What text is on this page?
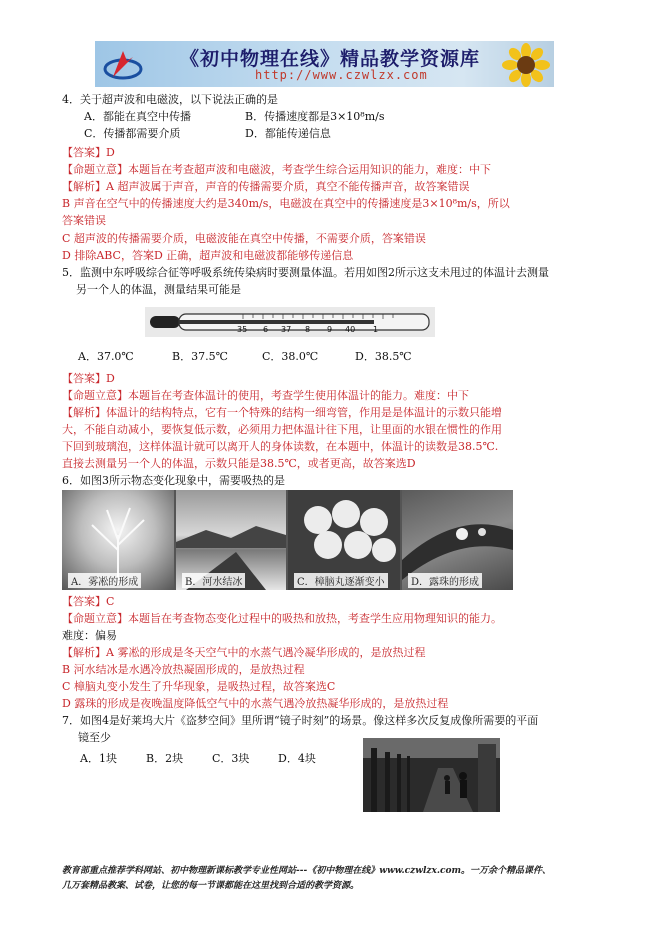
《初中物理在线》精品教学资源库
http://www.czwlzx.com
4．关于超声波和电磁波，以下说法正确的是
A．都能在真空中传播	B．传播速度都是3×10⁸m/s
C．传播都需要介质	D．都能传递信息
【答案】D
【命题立意】本题旨在考查超声波和电磁波，考查学生综合运用知识的能力，难度：中下
【解析】A 超声波属于声音，声音的传播需要介质，真空不能传播声音，故答案错误
B 声音在空气中的传播速度大约是340m/s，电磁波在真空中的传播速度是3×10⁸m/s，所以
答案错误
C 超声波的传播需要介质，电磁波能在真空中传播，不需要介质，答案错误
D 排除ABC，答案D 正确，超声波和电磁波都能够传递信息
5．监测中东呼吸综合征等呼吸系统传染病时要测量体温。若用如图2所示这支未甩过的体温计去测量
另一个人的体温，测量结果可能是
35 6 37 8 9 40 1
A．37.0℃	B．37.5℃	C．38.0℃	D．38.5℃
【答案】D
【命题立意】本题旨在考查体温计的使用，考查学生使用体温计的能力。难度：中下
【解析】体温计的结构特点，它有一个特殊的结构一细弯管，作用是是体温计的示数只能增
大，不能自动减小，要恢复低示数，必须用力把体温计往下甩，让里面的水银在惯性的作用
下回到玻璃泡，这样体温计就可以离开人的身体读数，在本题中，体温计的读数是38.5℃.
直接去测量另一个人的体温，示数只能是38.5℃，或者更高，故答案选D
6．如图3所示物态变化现象中，需要吸热的是
A．雾凇的形成	B．河水结冰	C．樟脑丸逐渐变小	D．露珠的形成
【答案】C
【命题立意】本题旨在考查物态变化过程中的吸热和放热，考查学生应用物理知识的能力。
难度：偏易
【解析】A 雾凇的形成是冬天空气中的水蒸气遇冷凝华形成的，是放热过程
B 河水结冰是水遇冷放热凝固形成的，是放热过程
C 樟脑丸变小发生了升华现象，是吸热过程，故答案选C
D 露珠的形成是夜晚温度降低空气中的水蒸气遇冷放热凝华形成的，是放热过程
7．如图4是好莱坞大片《盗梦空间》里所谓“镜子时刻”的场景。像这样多次反复成像所需要的平面
镜至少
A．1块	B．2块	C．3块	D．4块
教育部重点推荐学科网站、初中物理新课标教学专业性网站---《初中物理在线》www.czwlzx.com。一万余个精品课件、
几万套精品教案、试卷，让您的每一节课都能在这里找到合适的教学资源。
